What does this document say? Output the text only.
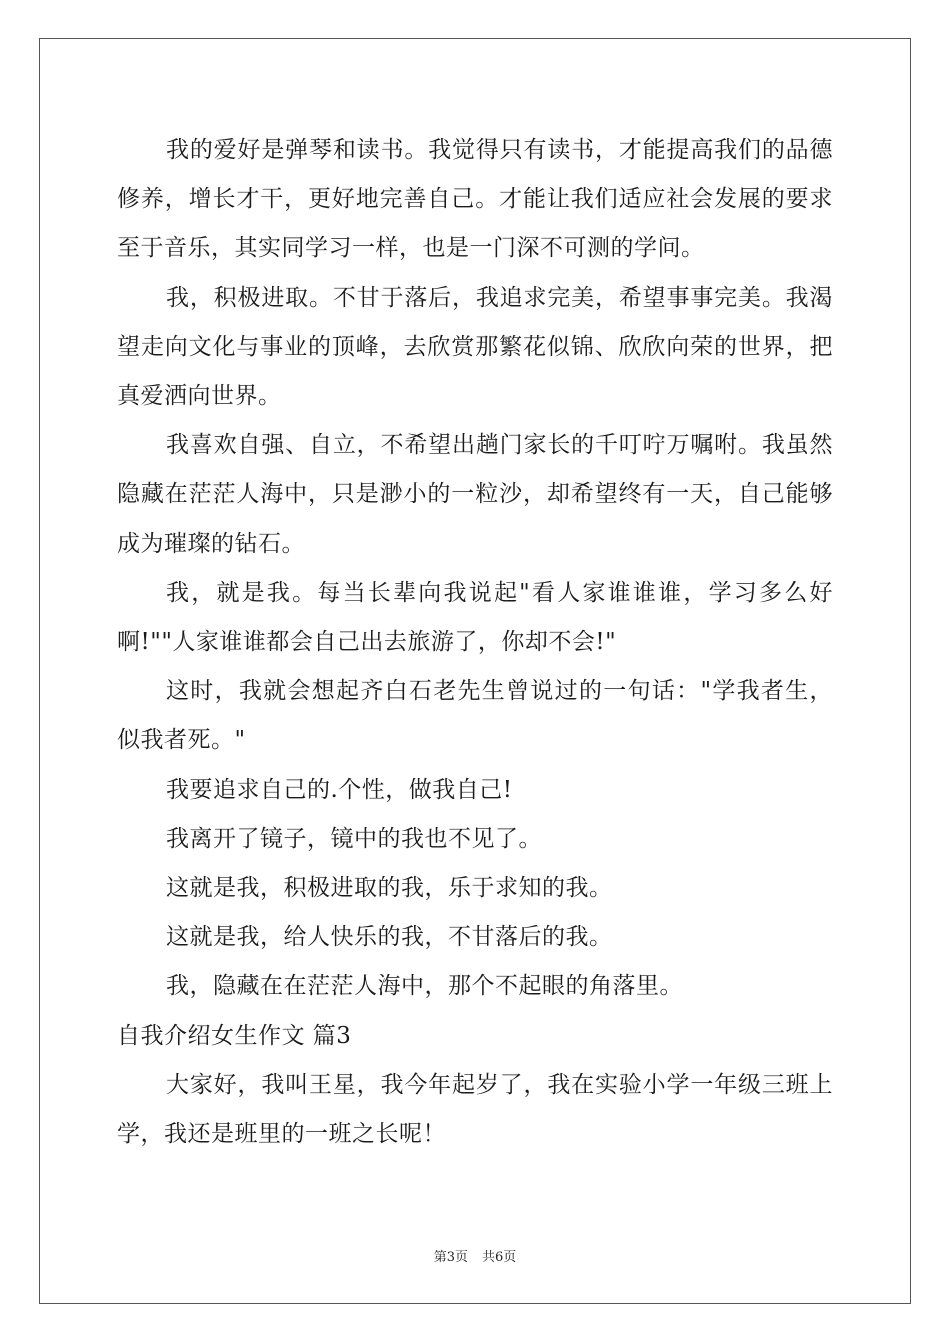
我的爱好是弹琴和读书。我觉得只有读书，才能提高我们的品德修养，增长才干，更好地完善自己。才能让我们适应社会发展的要求至于音乐，其实同学习一样，也是一门深不可测的学问。

我，积极进取。不甘于落后，我追求完美，希望事事完美。我渴望走向文化与事业的顶峰，去欣赏那繁花似锦、欣欣向荣的世界，把真爱洒向世界。

我喜欢自强、自立，不希望出趟门家长的千叮咛万嘱咐。我虽然隐藏在茫茫人海中，只是渺小的一粒沙，却希望终有一天，自己能够成为璀璨的钻石。

我，就是我。每当长辈向我说起"看人家谁谁谁，学习多么好啊!""人家谁谁都会自己出去旅游了，你却不会!"

这时，我就会想起齐白石老先生曾说过的一句话："学我者生，似我者死。"

我要追求自己的.个性，做我自己!

我离开了镜子，镜中的我也不见了。

这就是我，积极进取的我，乐于求知的我。

这就是我，给人快乐的我，不甘落后的我。

我，隐藏在在茫茫人海中，那个不起眼的角落里。

自我介绍女生作文 篇3

大家好，我叫王星，我今年起岁了，我在实验小学一年级三班上学，我还是班里的一班之长呢！

第3页 共6页
